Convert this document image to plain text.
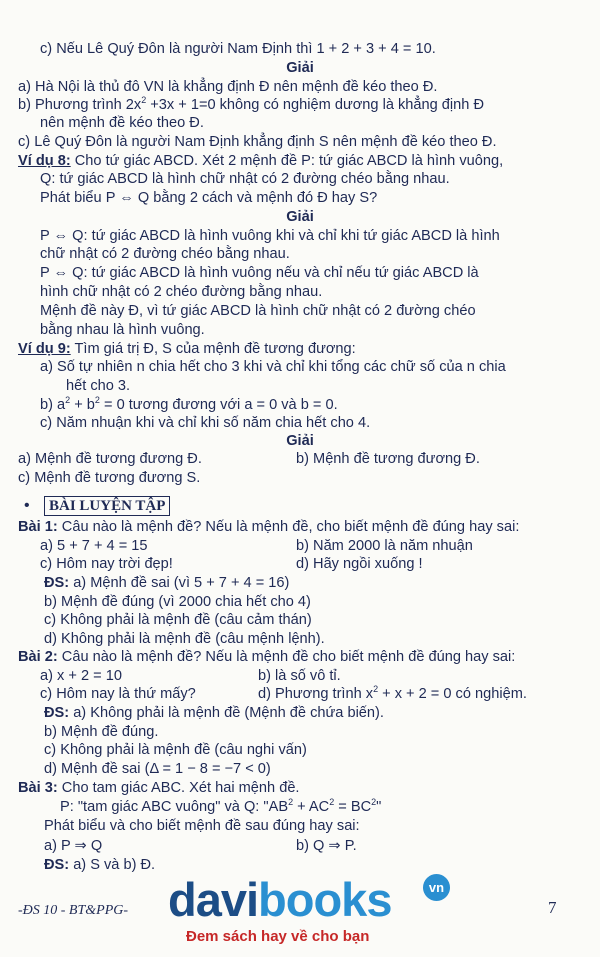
c) Nếu Lê Quý Đôn là người Nam Định thì 1 + 2 + 3 + 4 = 10.
Giải
a) Hà Nội là thủ đô VN là khẳng định Đ nên mệnh đề kéo theo Đ.
b) Phương trình $2x^2 +3x + 1=0$ không có nghiệm dương là khẳng định Đ
nên mệnh đề kéo theo Đ.
c) Lê Quý Đôn là người Nam Định khẳng định S nên mệnh đề kéo theo Đ.
Ví dụ 8: Cho tứ giác ABCD. Xét 2 mệnh đề P: tứ giác ABCD là hình vuông,
Q: tứ giác ABCD là hình chữ nhật có 2 đường chéo bằng nhau.
Phát biểu P ⇔ Q bằng 2 cách và mệnh đó Đ hay S?
Giải
P ⇔ Q: tứ giác ABCD là hình vuông khi và chỉ khi tứ giác ABCD là hình
chữ nhật có 2 đường chéo bằng nhau.
P ⇔ Q: tứ giác ABCD là hình vuông nếu và chỉ nếu tứ giác ABCD là
hình chữ nhật có 2 chéo đường bằng nhau.
Mệnh đề này Đ, vì tứ giác ABCD là hình chữ nhật có 2 đường chéo
bằng nhau là hình vuông.
Ví dụ 9: Tìm giá trị Đ, S của mệnh đề tương đương:
a) Số tự nhiên n chia hết cho 3 khi và chỉ khi tổng các chữ số của n chia
hết cho 3.
b) $a^2 + b^2 = 0$ tương đương với a = 0 và b = 0.
c) Năm nhuận khi và chỉ khi số năm chia hết cho 4.
Giải
a) Mệnh đề tương đương Đ.	b) Mệnh đề tương đương Đ.
c) Mệnh đề tương đương S.
•	BÀI LUYỆN TẬP
Bài 1: Câu nào là mệnh đề? Nếu là mệnh đề, cho biết mệnh đề đúng hay sai:
a) 5 + 7 + 4 = 15	b) Năm 2000 là năm nhuận
c) Hôm nay trời đẹp!	d) Hãy ngồi xuống !
ĐS: a) Mệnh đề sai (vì 5 + 7 + 4 = 16)
b) Mệnh đề đúng (vì 2000 chia hết cho 4)
c) Không phải là mệnh đề (câu cảm thán)
d) Không phải là mệnh đề (câu mệnh lệnh).
Bài 2: Câu nào là mệnh đề? Nếu là mệnh đề cho biết mệnh đề đúng hay sai:
a) x + 2 = 10	b) là số vô tỉ.
c) Hôm nay là thứ mấy?	d) Phương trình $x^2 + x + 2 = 0$ có nghiệm.
ĐS: a) Không phải là mệnh đề (Mệnh đề chứa biến).
b) Mệnh đề đúng.
c) Không phải là mệnh đề (câu nghi vấn)
d) Mệnh đề sai (Δ = 1 − 8 = −7 < 0)
Bài 3: Cho tam giác ABC. Xét hai mệnh đề.
P: "tam giác ABC vuông" và Q: "$AB^2 + AC^2 = BC^2$"
Phát biểu và cho biết mệnh đề sau đúng hay sai:
a) P ⇒ Q	b) Q ⇒ P.
ĐS: a) S và b) Đ.
-ĐS 10 - BT&PPG-	7
davibooks	vn
Đem sách hay về cho bạn
